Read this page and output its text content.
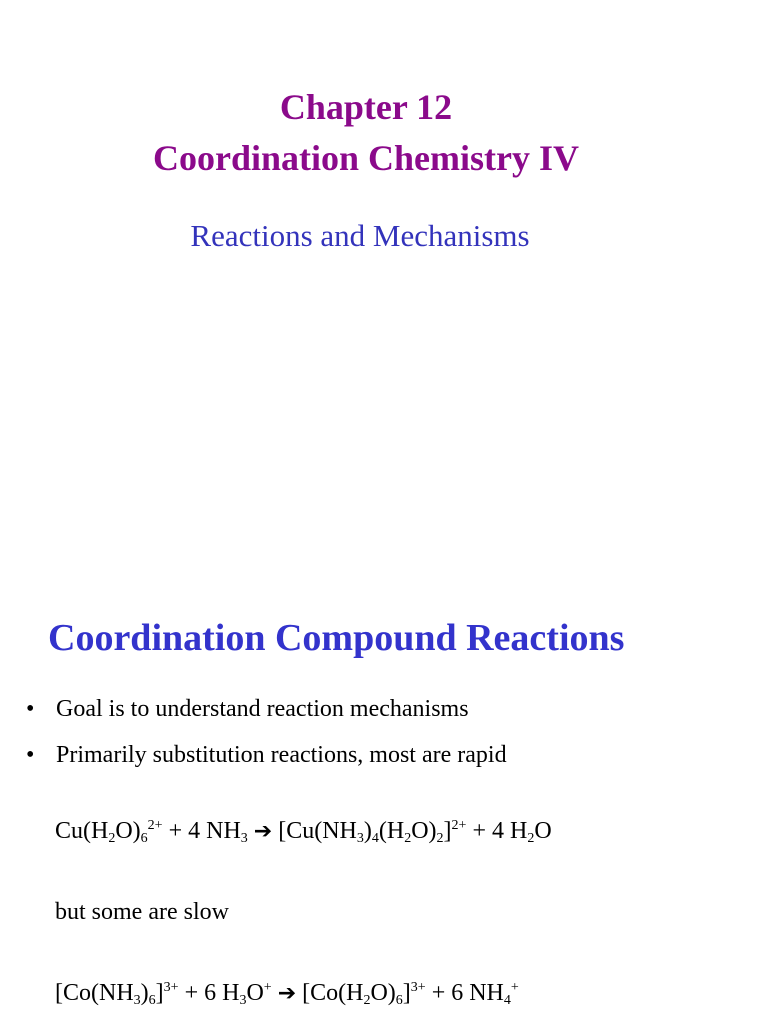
Chapter 12
Coordination Chemistry IV
Reactions and Mechanisms
Coordination Compound Reactions
• Goal is to understand reaction mechanisms
• Primarily substitution reactions, most are rapid
$Cu(H_2O)_6^{2+} + 4$ $NH_3$ ➔ $[Cu(NH_3)_4(H_2O)_2]^{2+} + 4$ $H_2O$
but some are slow
$[Co(NH_3)_6]^{3+} + 6$ $H_3O^+$ ➔ $[Co(H_2O)_6]^{3+} + 6$ $NH_4^+$
